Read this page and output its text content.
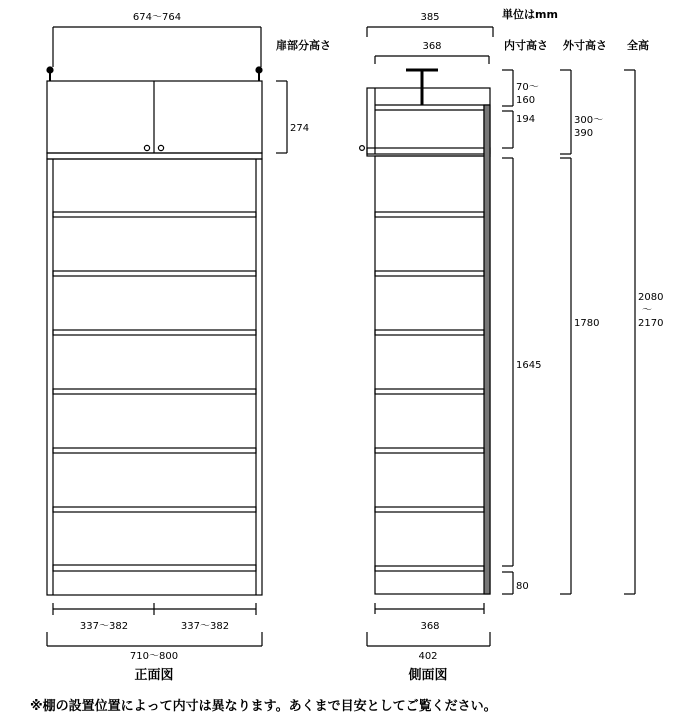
単位はmm
扉部分高さ	内寸高さ 外寸高さ 全高
674～764
274
337～382	337～382
710～800
正面図
385
368
368
402
側面図
70～
160
194
1645
80
300～
390
1780
2080
～
2170
※棚の設置位置によって内寸は異なります。あくまで目安としてご覧ください。
